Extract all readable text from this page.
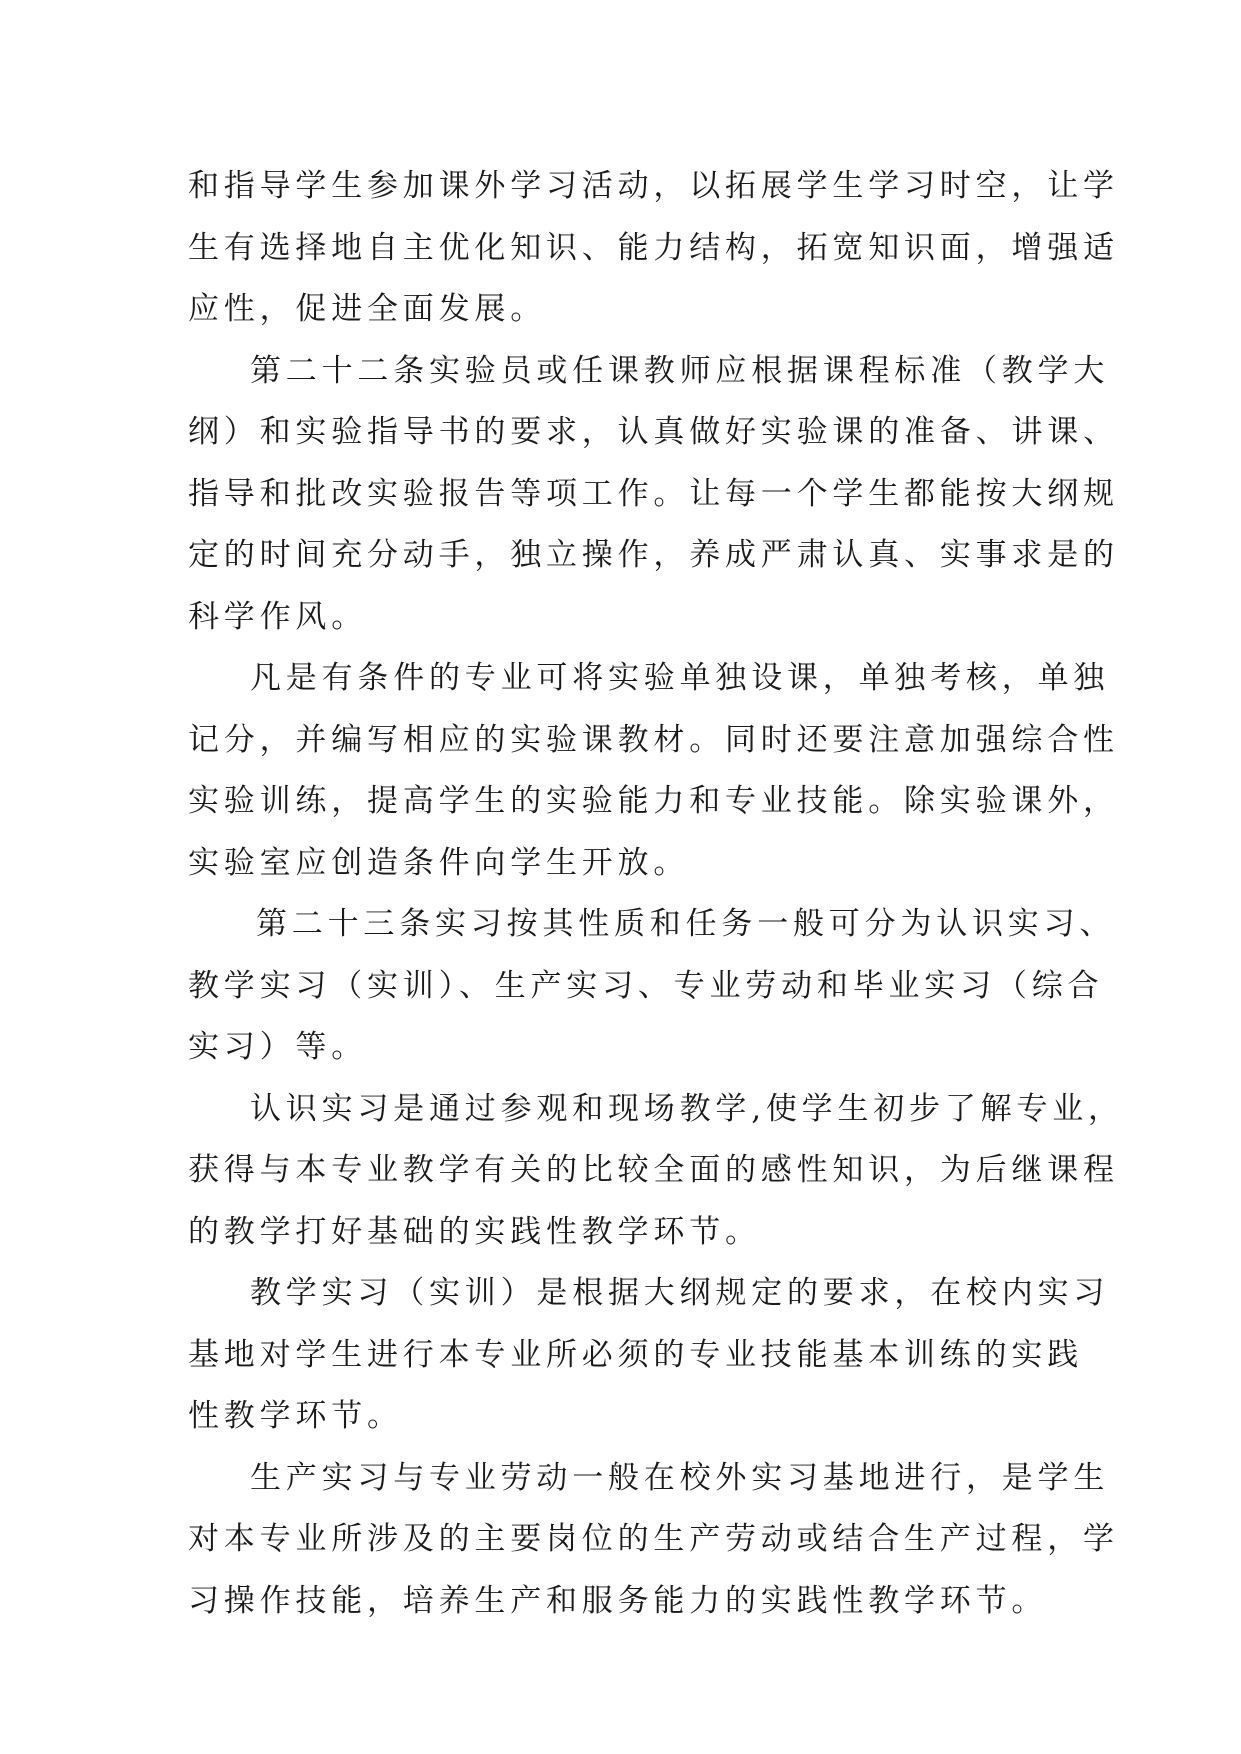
和指导学生参加课外学习活动，以拓展学生学习时空，让学
生有选择地自主优化知识、能力结构，拓宽知识面，增强适
应性，促进全面发展。
第二十二条实验员或任课教师应根据课程标准（教学大
纲）和实验指导书的要求，认真做好实验课的准备、讲课、
指导和批改实验报告等项工作。让每一个学生都能按大纲规
定的时间充分动手，独立操作，养成严肃认真、实事求是的
科学作风。
凡是有条件的专业可将实验单独设课，单独考核，单独
记分，并编写相应的实验课教材。同时还要注意加强综合性
实验训练，提高学生的实验能力和专业技能。除实验课外，
实验室应创造条件向学生开放。
第二十三条实习按其性质和任务一般可分为认识实习、
教学实习（实训）、生产实习、专业劳动和毕业实习（综合
实习）等。
认识实习是通过参观和现场教学,使学生初步了解专业，
获得与本专业教学有关的比较全面的感性知识，为后继课程
的教学打好基础的实践性教学环节。
教学实习（实训）是根据大纲规定的要求，在校内实习
基地对学生进行本专业所必须的专业技能基本训练的实践
性教学环节。
生产实习与专业劳动一般在校外实习基地进行，是学生
对本专业所涉及的主要岗位的生产劳动或结合生产过程，学
习操作技能，培养生产和服务能力的实践性教学环节。
